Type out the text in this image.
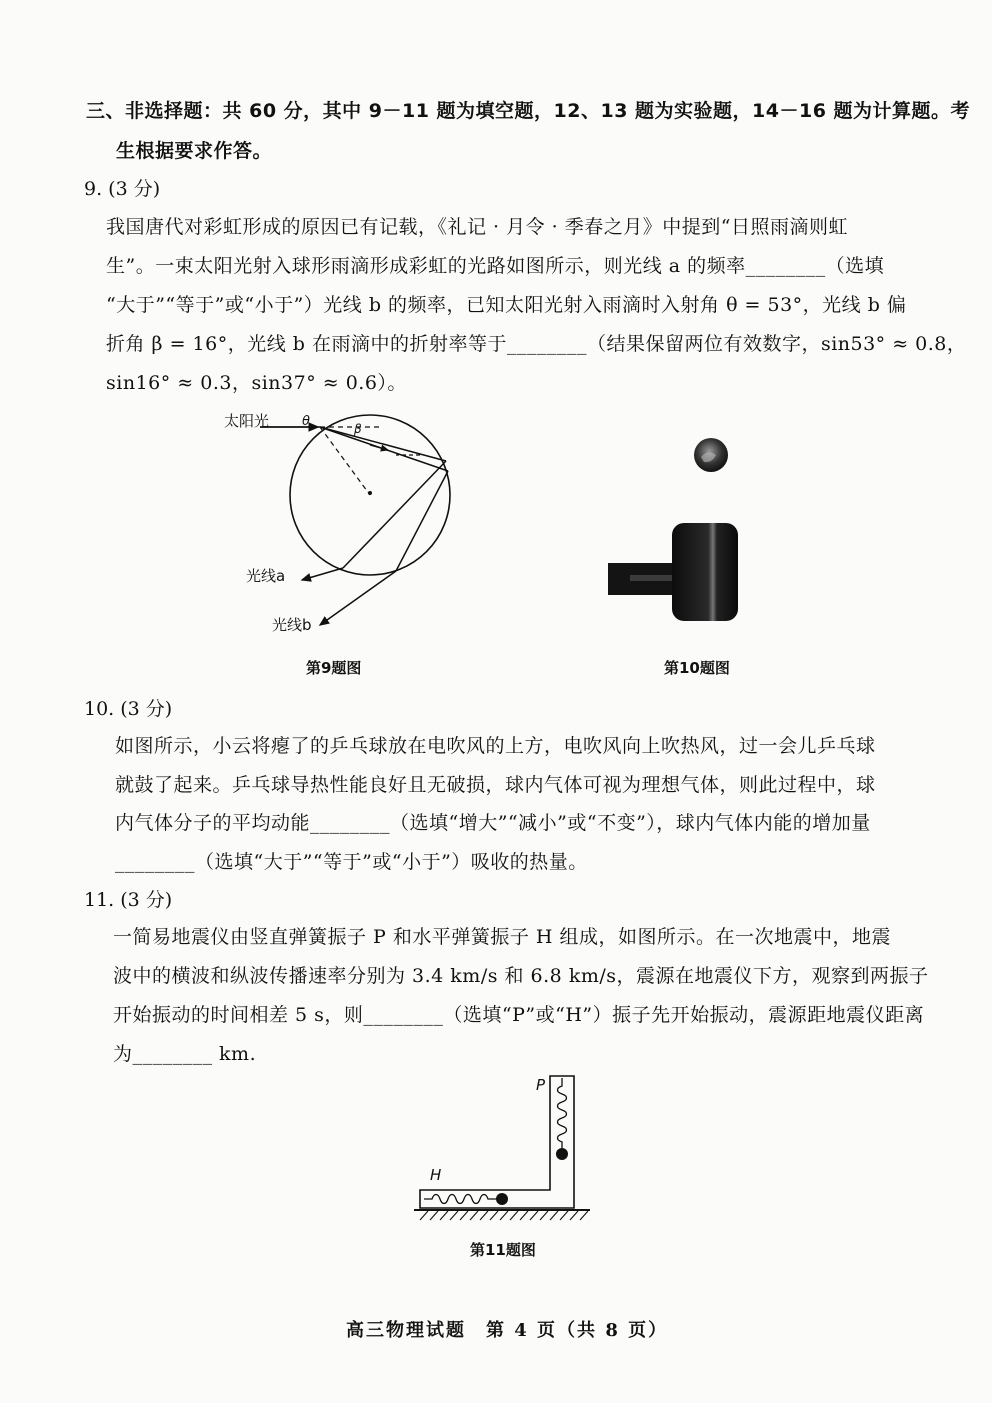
三、非选择题：共 60 分，其中 9－11 题为填空题，12、13 题为实验题，14－16 题为计算题。考
生根据要求作答。
9. (3 分)
我国唐代对彩虹形成的原因已有记载，《礼记 · 月令 · 季春之月》中提到“日照雨滴则虹
生”。一束太阳光射入球形雨滴形成彩虹的光路如图所示，则光线 a 的频率________（选填
“大于”“等于”或“小于”）光线 b 的频率，已知太阳光射入雨滴时入射角 θ = 53°，光线 b 偏
折角 β = 16°，光线 b 在雨滴中的折射率等于________（结果保留两位有效数字，sin53° ≈ 0.8，
sin16° ≈ 0.3，sin37° ≈ 0.6）。
太阳光	θ	β
光线a
光线b
第9题图	第10题图
10. (3 分)
如图所示，小云将瘪了的乒乓球放在电吹风的上方，电吹风向上吹热风，过一会儿乒乓球
就鼓了起来。乒乓球导热性能良好且无破损，球内气体可视为理想气体，则此过程中，球
内气体分子的平均动能________（选填“增大”“减小”或“不变”），球内气体内能的增加量
________（选填“大于”“等于”或“小于”）吸收的热量。
11. (3 分)
一简易地震仪由竖直弹簧振子 P 和水平弹簧振子 H 组成，如图所示。在一次地震中，地震
波中的横波和纵波传播速率分别为 3.4 km/s 和 6.8 km/s，震源在地震仪下方，观察到两振子
开始振动的时间相差 5 s，则________（选填“P”或“H”）振子先开始振动，震源距地震仪距离
为________ km.
P
H
第11题图
高三物理试题　第 4 页（共 8 页）
